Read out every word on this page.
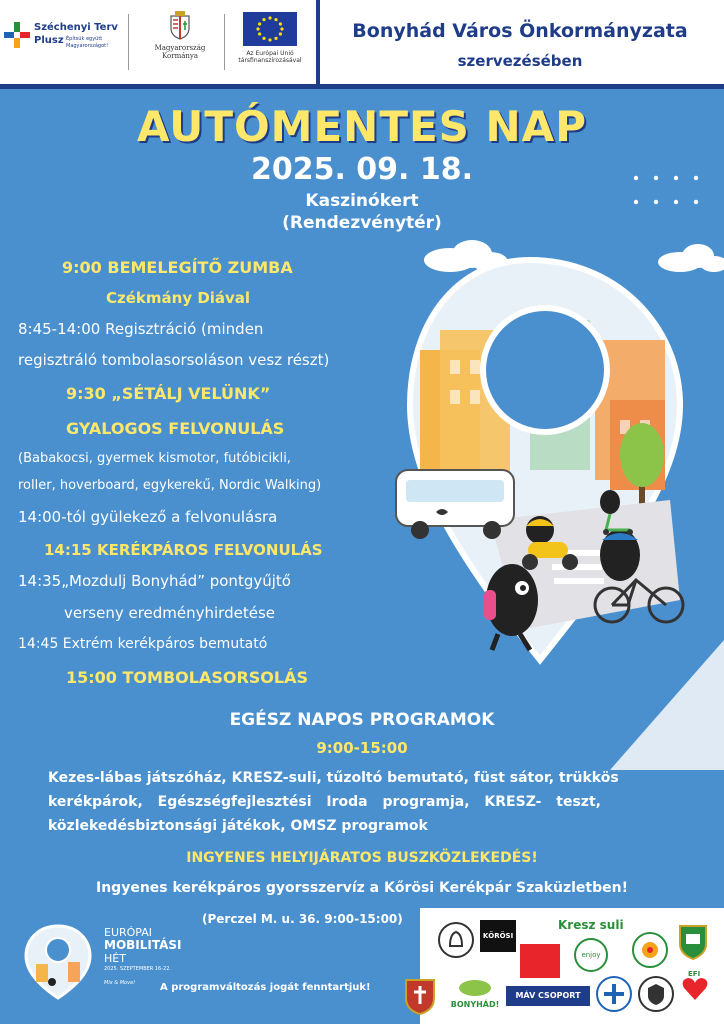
Széchenyi Terv
Plusz Építsük együtt
Magyarországot!	Magyarország
Kormánya	Az Európai Unió
társfinanszírozásával
Bonyhád Város Önkormányzata
szervezésében
AUTÓMENTES NAP
2025. 09. 18.
Kaszinókert
(Rendezvénytér)
9:00 BEMELEGÍTŐ ZUMBA
Czékmány Diával
8:45-14:00 Regisztráció (minden
regisztráló tombolasorsoláson vesz részt)
9:30 „SÉTÁLJ VELÜNK”
GYALOGOS FELVONULÁS
(Babakocsi, gyermek kismotor, futóbicikli,
roller, hoverboard, egykerekű, Nordic Walking)
14:00-tól gyülekező a felvonulásra
14:15 KERÉKPÁROS FELVONULÁS
14:35„Mozdulj Bonyhád” pontgyűjtő
verseny eredményhirdetése
14:45 Extrém kerékpáros bemutató
15:00 TOMBOLASORSOLÁS
EGÉSZ NAPOS PROGRAMOK
9:00-15:00
Kezes-lábas játszóház, KRESZ-suli, tűzoltó bemutató, füst sátor, trükkös
kerékpárok, Egészségfejlesztési Iroda programja, KRESZ- teszt,
közlekedésbiztonsági játékok, OMSZ programok
INGYENES HELYIJÁRATOS BUSZKÖZLEKEDÉS!
Ingyenes kerékpáros gyorsszervíz a Kőrösi Kerékpár Szaküzletben!
(Perczel M. u. 36. 9:00-15:00)
EURÓPAI
MOBILITÁSI
HÉT
2025. SZEPTEMBER 16-22.
Mix & Move! A programváltozás jogát fenntartjuk!
KŐRÖSI
Kresz suli
enjoy
EFI
BONYHÁD!
MÁV CSOPORT
